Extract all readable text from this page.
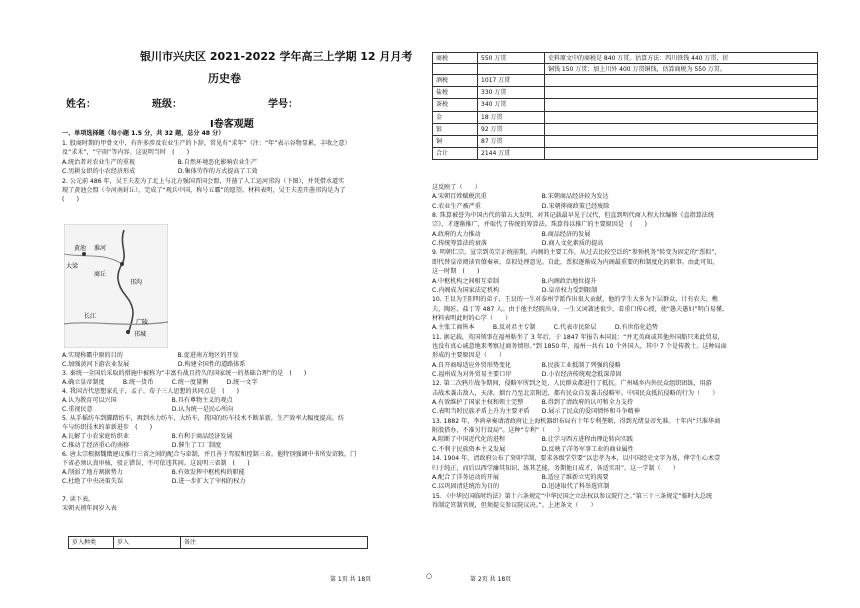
银川市兴庆区 2021-2022 学年高三上学期 12 月月考
历史卷
姓名：	班级：	学号：
Ⅰ卷客观题
一、单项选择题（每小题 1.5 分，共 32 题，总分 48 分）
1. 股商时期的甲骨文中，有许多涉及农业生产的卜辞，常见有“求年”（注：“年”表示谷物显累，丰收之意）
及“求禾”，“宁雨”等内容。这说明当时　(　　)
A.统治者对农业生产的重视　　　　　　　B.自然环境恶化影响农业生产
C.男耕女织的小农经济形成　　　　　　　D.集体劳作的方式提高了工效
2. 公元前 486 年，吴王夫差为了北上与北方强国晋国会盟，开凿了人工运河邗沟（下图），并凭借水道实
现了黄池会盟（今河南封丘），完成了“观兵中国，称号五霸”的愿望。材料表明，吴王夫差开凿邗沟是为了
(　　)
邗沟
黄池
邗城
大梁
商丘
长江
淮河
广陵
A.实现称霸中原的目的　　　　　　　　　B.促进南方地区的开发
C.加强黄河下游农业发展　　　　　　　　D.构建全国性的道路体系
3. 秦统一全国后采取的措施中被称为“丰富有战且持久的国家统一的基础合理”的是　(　　)
A.确立皇帝制度　　　B.统一货币　　　C.统一度量衡　　　D.统一文字
4. 我国古代思想家孔子、孟子、荀子三人思想的共同点是　(　　)
A.认为教育可以兴国　　　　　　　　　B.具有尊物主义的观点
C.重视民意　　　　　　　　　　　　　D.认为统一是民心所向
5. 从手摇纺车到脚踏纺车，再到水力纺车，大纺车，我国的纺车技术不断革新，生产效率大幅度提高。纺
车与纺织技术的革新进步　(　　)
A.瓦解了小农家庭纺织业　　　　　　　B.有利于商品经济发展
C.推动了经济重心的南移　　　　　　　D.催生了工厂制度
6. 唐太宗根据魏徵建议推行三省之间的配合与牵制，并且善于驾驭和控制三省。他特别强调中书所发诏敕，门
下省必须认真审核，驳正错误，不可依违其间。这说明三省制　(　　)
A.削弱了地方割据势力　　　　　　　　B.有效发挥中枢机构的职能
C.杜绝了中央决策失误　　　　　　　　D.进一步扩大了宰相的权力
7. 读下表。
宋朝天禧年间岁入表
岁入种类	岁入	备注
商税	550 万贯	史料原文中的商税是 840 万贯。估算方法：四川铁钱 440 万贯，折
		铜钱 150 万贯；加上川外 400 万贯铜钱，估算商税为 550 万贯。
酒税	1017 万贯	
盐税	330 万贯	
茶税	340 万贯	
金	18 万贯	
银	92 万贯	
铜	87 万贯	
合计	2144 万贯	
这反映了（　　）
A.宋朝百姓赋税沉重　　　　　　　　　B.宋朝商品经济较为发达
C.农业生产被严重　　　　　　　　　　D.宋朝抑商政策已经废除
8. 珠算被誉为中国古代的第五大发明，对其记载最早见于汉代，但直到明代商人程大位编修《直指算法统
宗》，才逐渐推广，并取代了传统的筹算法。珠算得以推广的主要原因是　(　　)
A.政府的大力推动　　　　　　　　　　B.商品经济的发展
C.传统筹算法的衰落　　　　　　　　　D.商人文化素质的提高
9. 明朝仁宗，宣宗到英宗正统前期，内阁的主要工作，从过去比较空泛的“参预机务”转变为固定的“票拟”，
即代替皇帝阅读官僚奏章，草拟处理意见。自此，票拟逐渐成为内阁最重要的和制度化的职事。由此可知，
这一时期　(　　)
A.中枢机构之间相互牵制　　　　　　　B.内阁政治地位提升
C.内阁成为国家法定机构　　　　　　　D.皇帝权力受到限制
10. 王艮为王阳明的弟子，王艮的一生对泰州学派作出很大贡献，他的学生大多为下层群众，计有农夫、樵
夫、陶匠、盐丁等 487 人。由于他主经院出身，一生又词著述很少，看重口传心授，使“愚夫愚妇”明白易懂。
材料表明此时的心学（　　）
A.主张工商皆本　　　B.反对君主专制　　　C.代表市民阶层　　　D.有世俗化趋势
11. 据记载，英国领事在福州粘坐了 3 年后，于 1847 年报告本国说：“并无英商或其他外国船只来此贸易，
也没有真心诚意地来考察过商务情形。”到 1850 年，福州一共有 10 个外国人，其中 7 个是传教士。这种局面
形成的主要原因是（　　）
A.自开商埠适应外贸形势变化　　　　　B.民族工业抵制了列强的侵略
C.福州成为对外贸易主要口岸　　　　　D.小农经济传统观念抵深蒂固
12. 第二次鸦片战争期间，侵略军所到之处，人民群众都进行了抵抗。广州城乡内外民众组织团练，用游
击战术袭击敌人，天津，烟台乃至北京附近，都有民众自发袭击侵略军。中国民众抵抗侵略的行为（　　）
A.有效维护了国家主权和领土完整　　　B.得到了清政府的认可和全力支持
C.表明当时民族矛盾上升为主要矛盾　　D.展示了民众的爱国情怀和斗争精神
13. 1882 年，李鸿章奏请清政府让上海机器织布局有十年专利垄断，得到光绪皇帝允准。十年内“只准华商
附股搭办，不准另行设局”。这种“专利”（　　）
A.阻断了中国近代化的进程　　　　　　B.让学习西方进程由理论转向实践
C.不利于民族资本主义发展　　　　　　D.反映了洋务军事工业的商业属性
14. 1904 年，清政府公布了癸卯学制，要求各级学堂要“以忠孝为本，以中国经史文字为基，俾学生心术壹
归于纯正，而后以西学瀹其知识，练其艺能，务期他日成才，各适实用”。这一学制（　　）
A.配合了洋务运动的开展　　　　　　　B.适应了维新立宪的需要
C.以巩固清廷统治为目的　　　　　　　D.迅速取代了科举选官制
15. 《中华民国临时约法》第十六条规定“中华民国之立法权以参议院行之。”第三十三条规定“临时大总统
得制定官制官规，但须提交参议院议决。”。上述条文（　　）
第 1页 共 18页	○	第 2页 共 18页
